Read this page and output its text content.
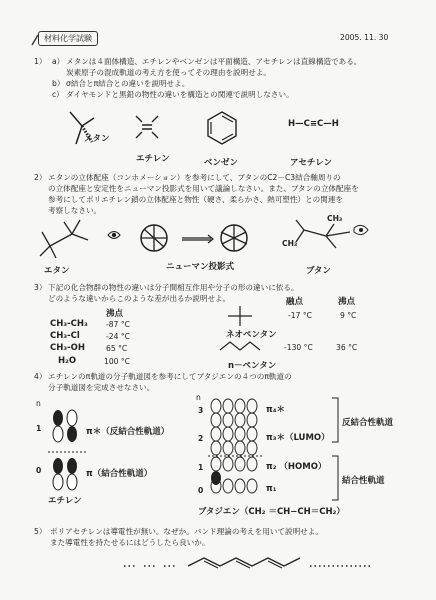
材料化学試験	2005. 11. 30
1） a） メタンは４面体構造、エチレンやベンゼンは平面構造、アセチレンは直線構造である。
炭素原子の混成軌道の考え方を使ってその理由を説明せよ。
b） σ結合とπ結合との違いを説明せよ。
c） ダイヤモンドと黒鉛の物性の違いを構造との関連で説明しなさい。
メタン
エチレン	ベンゼン
H—C≡C—H
アセチレン
2） エタンの立体配座（コンホメーション）を参考にして、ブタンのC2－C3結合軸周りの
の立体配座と安定性をニューマン投影式を用いて議論しなさい。また、ブタンの立体配座を
参考にしてポリエチレン鎖の立体配座と物性（硬さ、柔らかさ、熱可塑性）との関連を
考察しなさい。
エタン	ニューマン投影式
CH₃
CH₃
ブタン
3） 下記の化合物群の物性の違いは分子間相互作用や分子の形の違いに依る。
どのような違いからこのような差が出るか説明せよ。
沸点
CH₃-CH₃ -87 °C
CH₃-Cl	-24 °C
CH₃-OH	65 °C
H₂O	100 °C
融点	沸点
ネオペンタン
-17 °C	9 °C
n－ペンタン
-130 °C	36 °C
4） エチレンのπ軌道の分子軌道図を参考にしてブタジエンの４つのπ軌道の
分子軌道図を完成させなさい。
n
1
0
π＊（反結合性軌道）
π（結合性軌道）
エチレン
n
3
2
1
0
π₄＊
π₃＊（LUMO）
π₂ （HOMO）
π₁
反結合性軌道
結合性軌道
ブタジエン（CH₂ ＝CH−CH＝CH₂）
5） ポリアセチレンは導電性が無い。なぜか。バンド理論の考えを用いて説明せよ。
また導電性を持たせるにはどうしたら良いか。
